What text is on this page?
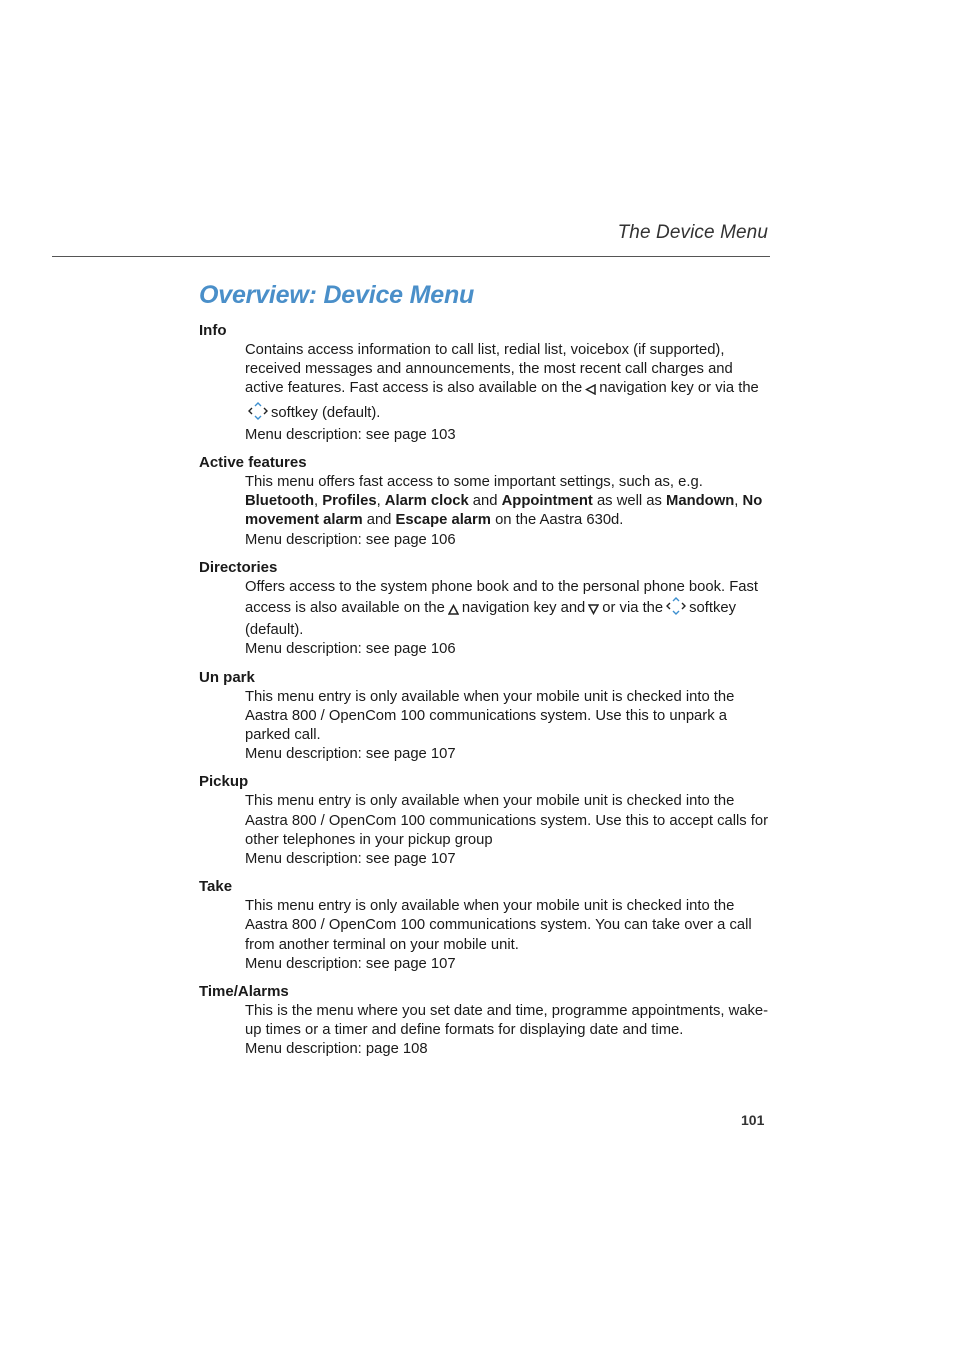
The Device Menu
Overview: Device Menu
Info

Contains access information to call list, redial list, voicebox (if supported), received messages and announcements, the most recent call charges and active features. Fast access is also available on the navigation key or via thesoftkey (default).

Menu description: see page 103

Active features

This menu offers fast access to some important settings, such as, e.g. Bluetooth, Profiles, Alarm clock and Appointment as well as Mandown, No movement alarm and Escape alarm on the Aastra 630d.

Menu description: see page 106

Directories

Offers access to the system phone book and to the personal phone book. Fast access is also available on the navigation key and or via the softkey (default).

Menu description: see page 106

Un park

This menu entry is only available when your mobile unit is checked into the Aastra 800 / OpenCom 100 communications system. Use this to unpark a parked call.

Menu description: see page 107

Pickup

This menu entry is only available when your mobile unit is checked into the Aastra 800 / OpenCom 100 communications system. Use this to accept calls for other telephones in your pickup group

Menu description: see page 107

Take

This menu entry is only available when your mobile unit is checked into the Aastra 800 / OpenCom 100 communications system. You can take over a call from another terminal on your mobile unit.

Menu description: see page 107

Time/Alarms

This is the menu where you set date and time, programme appointments, wake-up times or a timer and define formats for displaying date and time.

Menu description: page 108

101
